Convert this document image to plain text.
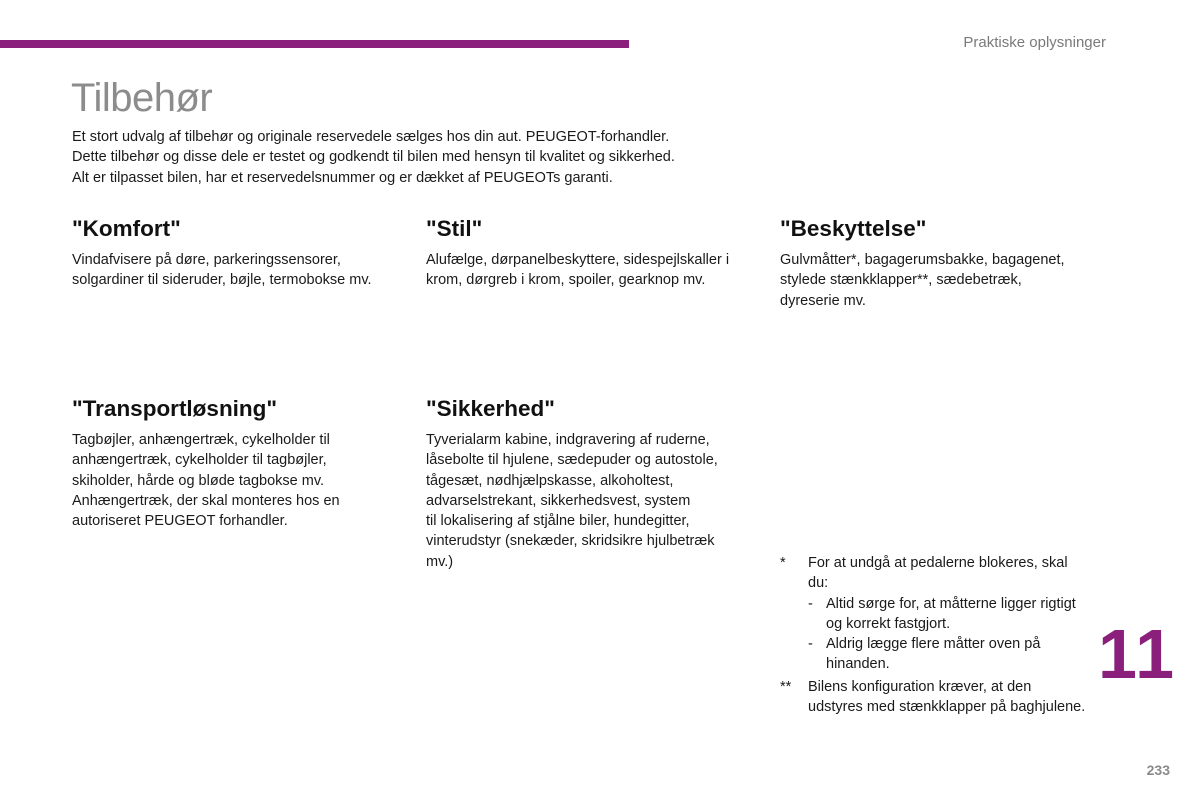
Praktiske oplysninger
Tilbehør
Et stort udvalg af tilbehør og originale reservedele sælges hos din aut. PEUGEOT-forhandler.
Dette tilbehør og disse dele er testet og godkendt til bilen med hensyn til kvalitet og sikkerhed.
Alt er tilpasset bilen, har et reservedelsnummer og er dækket af PEUGEOTs garanti.
"Komfort"
Vindafvisere på døre, parkeringssensorer,
solgardiner til sideruder, bøjle, termobokse mv.
"Stil"
Alufælge, dørpanelbeskyttere, sidespejlskaller i
krom, dørgreb i krom, spoiler, gearknop mv.
"Beskyttelse"
Gulvmåtter*, bagagerumsbakke, bagagenet,
stylede stænkklapper**, sædebetræk,
dyreserie mv.
"Transportløsning"
Tagbøjler, anhængertræk, cykelholder til
anhængertræk, cykelholder til tagbøjler,
skiholder, hårde og bløde tagbokse mv.
Anhængertræk, der skal monteres hos en
autoriseret PEUGEOT forhandler.
"Sikkerhed"
Tyverialarm kabine, indgravering af ruderne,
låsebolte til hjulene, sædepuder og autostole,
tågesæt, nødhjælpskasse, alkoholtest,
advarselstrekant, sikkerhedsvest, system
til lokalisering af stjålne biler, hundegitter,
vinterudstyr (snekæder, skridsikre hjulbetræk
mv.)	*	For at undgå at pedalerne blokeres, skal
du:
- Altid sørge for, at måtterne ligger rigtigt
og korrekt fastgjort.
- Aldrig lægge flere måtter oven på
hinanden.
**	Bilens konfiguration kræver, at den
udstyres med stænkklapper på baghjulene.
11
233
